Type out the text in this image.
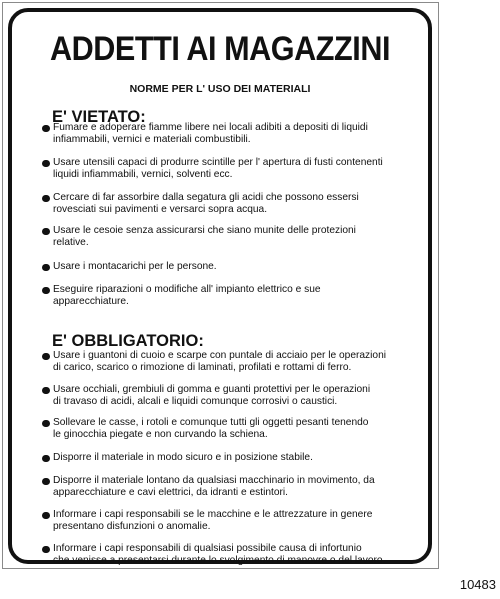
ADDETTI AI MAGAZZINI
NORME PER L' USO DEI MATERIALI
E' VIETATO:
Fumare e adoperare fiamme libere nei locali adibiti a depositi di liquidi
infiammabili, vernici e materiali combustibili.
Usare utensili capaci di produrre scintille per l' apertura di fusti contenenti
liquidi infiammabili, vernici, solventi ecc.
Cercare di far assorbire dalla segatura gli acidi che possono essersi
rovesciati sui pavimenti e versarci sopra acqua.
Usare le cesoie senza assicurarsi che siano munite delle protezioni
relative.
Usare i montacarichi per le persone.
Eseguire riparazioni o modifiche all' impianto elettrico e sue
apparecchiature.
E' OBBLIGATORIO:
Usare i guantoni di cuoio e scarpe con puntale di acciaio per le operazioni
di carico, scarico o rimozione di laminati, profilati e rottami di ferro.
Usare occhiali, grembiuli di gomma e guanti protettivi per le operazioni
di travaso di acidi, alcali e liquidi comunque corrosivi o caustici.
Sollevare le casse, i rotoli e comunque tutti gli oggetti pesanti tenendo
le ginocchia piegate e non curvando la schiena.
Disporre il materiale in modo sicuro e in posizione stabile.
Disporre il materiale lontano da qualsiasi macchinario in movimento, da
apparecchiature e cavi elettrici, da idranti e estintori.
Informare i capi responsabili se le macchine e le attrezzature in genere
presentano disfunzioni o anomalie.
Informare i capi responsabili di qualsiasi possibile causa di infortunio
che venisse a presentarsi durante lo svolgimento di manovre o del lavoro.
10483
